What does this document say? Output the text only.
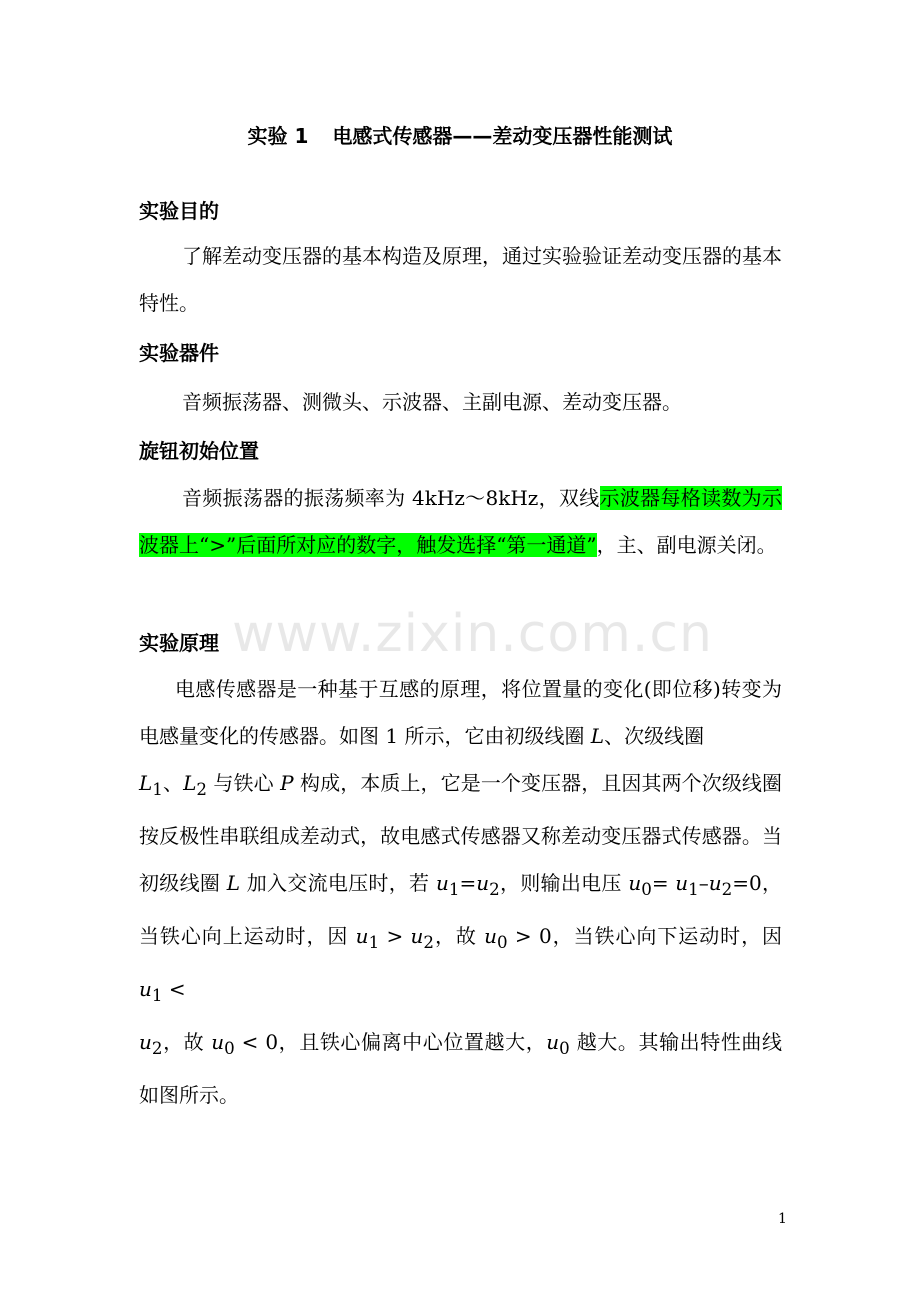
实验 1 电感式传感器——差动变压器性能测试
实验目的

了解差动变压器的基本构造及原理，通过实验验证差动变压器的基本特性。

实验器件

音频振荡器、测微头、示波器、主副电源、差动变压器。

旋钮初始位置

音频振荡器的振荡频率为 4kHz～8kHz，双线示波器每格读数为示波器上“>”后面所对应的数字，触发选择“第一通道”，主、副电源关闭。

www.zixin.com.cn
实验原理

电感传感器是一种基于互感的原理，将位置量的变化(即位移)转变为电感量变化的传感器。如图 1 所示，它由初级线圈 L、次级线圈
$L_1$、$L_2$ 与铁心 P 构成，本质上，它是一个变压器，且因其两个次级线圈按反极性串联组成差动式，故电感式传感器又称差动变压器式传感器。当初级线圈 L 加入交流电压时，若 $u_1=u_2$，则输出电压 $u_0= u_1-u_2=0$，当铁心向上运动时，因 $u_1 > u_2$，故 $u_0 > 0$，当铁心向下运动时，因 $u_1$ <
$u_2$，故 $u_0 < 0$，且铁心偏离中心位置越大，$u_0$ 越大。其输出特性曲线如图所示。

1
